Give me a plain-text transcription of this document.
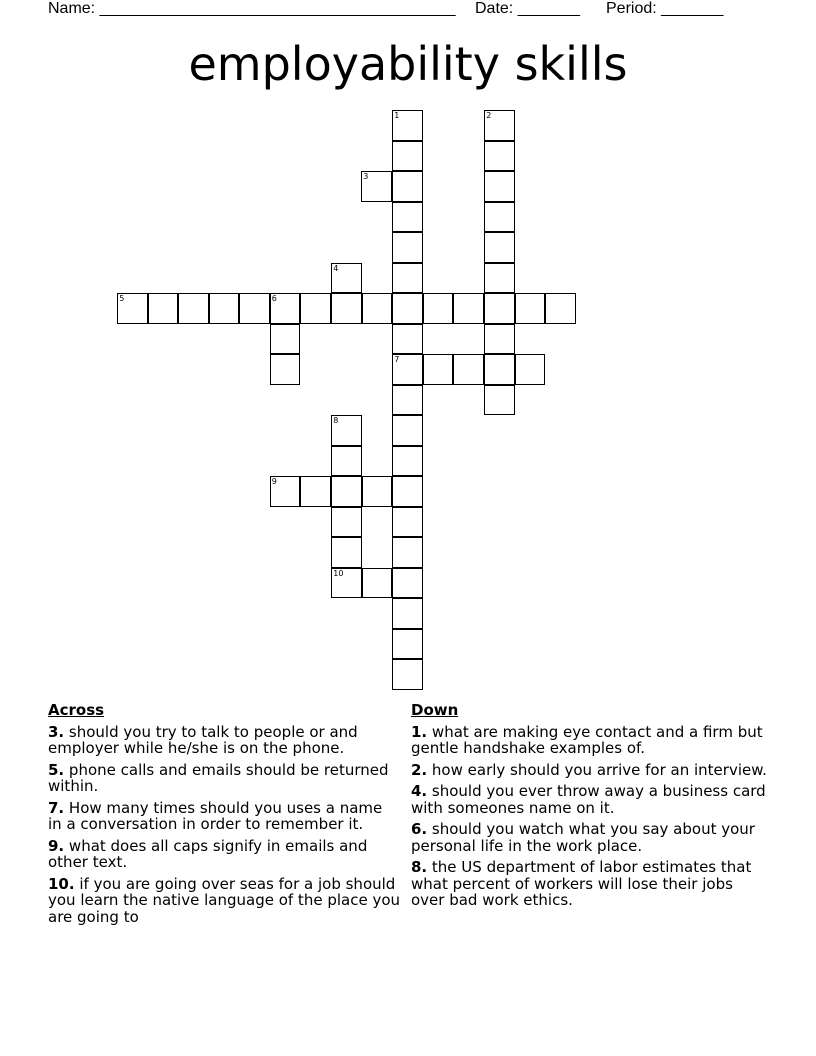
Name: ________________________________________ Date: _______ Period: _______
employability skills
1
7
2
3
4
5	6
8
10
9
Across
3. should you try to talk to people or and employer while he/she is on the phone.
5. phone calls and emails should be returned within.
7. How many times should you uses a name in a conversation in order to remember it.
9. what does all caps signify in emails and other text.
10. if you are going over seas for a job should you learn the native language of the place you are going to
Down
1. what are making eye contact and a firm but gentle handshake examples of.
2. how early should you arrive for an interview.
4. should you ever throw away a business card with someones name on it.
6. should you watch what you say about your personal life in the work place.
8. the US department of labor estimates that what percent of workers will lose their jobs over bad work ethics.
